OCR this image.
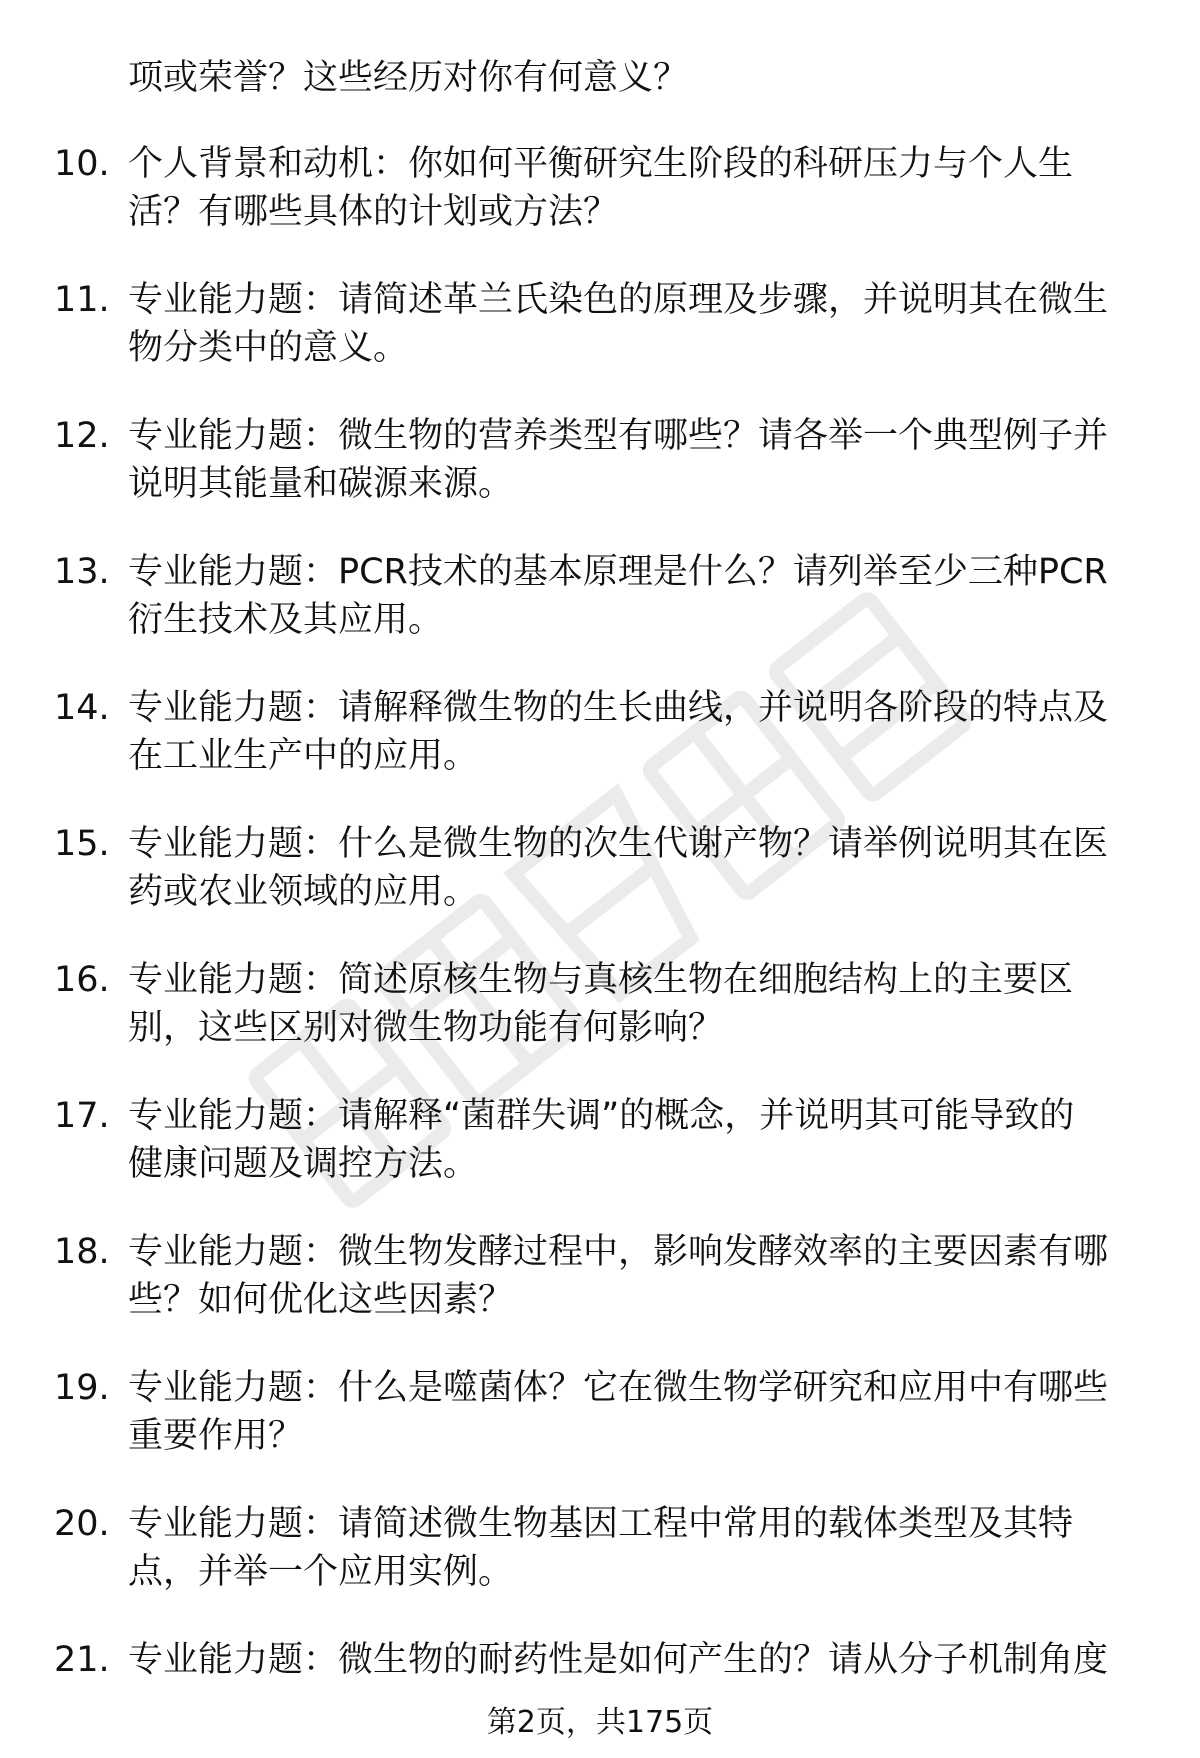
项或荣誉？这些经历对你有何意义？
10. 个人背景和动机：你如何平衡研究生阶段的科研压力与个人生
活？有哪些具体的计划或方法？
11. 专业能力题：请简述革兰氏染色的原理及步骤，并说明其在微生
物分类中的意义。
12. 专业能力题：微生物的营养类型有哪些？请各举一个典型例子并
说明其能量和碳源来源。
13. 专业能力题：PCR技术的基本原理是什么？请列举至少三种PCR
衍生技术及其应用。
14. 专业能力题：请解释微生物的生长曲线，并说明各阶段的特点及
在工业生产中的应用。
15. 专业能力题：什么是微生物的次生代谢产物？请举例说明其在医
药或农业领域的应用。
16. 专业能力题：简述原核生物与真核生物在细胞结构上的主要区
别，这些区别对微生物功能有何影响？
17. 专业能力题：请解释“菌群失调”的概念，并说明其可能导致的
健康问题及调控方法。
18. 专业能力题：微生物发酵过程中，影响发酵效率的主要因素有哪
些？如何优化这些因素？
19. 专业能力题：什么是噬菌体？它在微生物学研究和应用中有哪些
重要作用？
20. 专业能力题：请简述微生物基因工程中常用的载体类型及其特
点，并举一个应用实例。
21. 专业能力题：微生物的耐药性是如何产生的？请从分子机制角度
第2页，共175页
